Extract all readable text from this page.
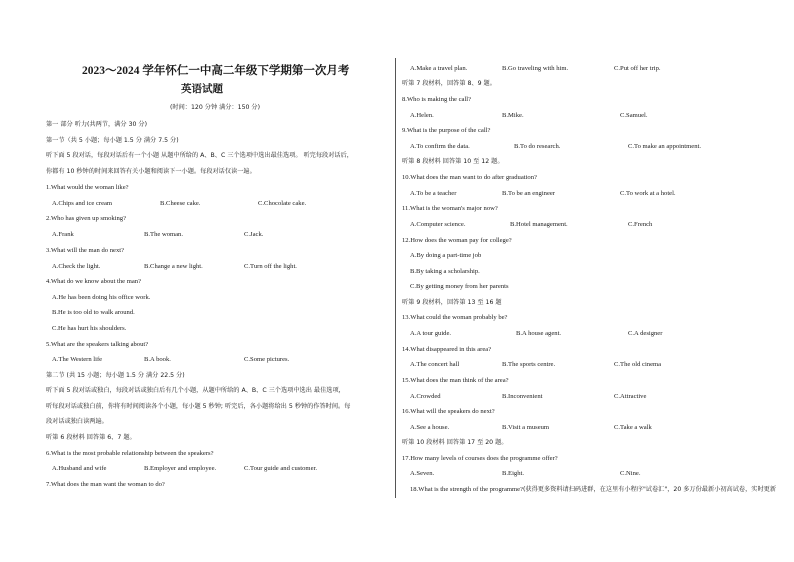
2023～2024 学年怀仁一中高二年级下学期第一次月考
英语试题
(时间：120 分钟 满分：150 分)
第一 部分 听力(共两节，满分 30 分)
第一节（共 5 小题；每小题 1.5 分 满分 7.5 分)
听下面 5 段对话，每段对话后有一个小题 从题中所给的 A、B、C 三个选项中选出最佳选项。 听完每段对话后，
你都有 10 秒钟的时间来回答有关小题和阅读下一小题。每段对话仅读一遍。
1.What would the woman like?
A.Chips and ice cream	B.Cheese cake.	C.Chocolate cake.
2.Who has given up smoking?
A.Frank	B.The woman.	C.Jack.
3.What will the man do next?
A.Check the light.	B.Change a new light.	C.Turn off the light.
4.What do we know about the man?
A.He has been doing his office work.
B.He is too old to walk around.
C.He has hurt his shoulders.
5.What are the speakers talking about?
A.The Western life	B.A book.	C.Some pictures.
第二节 (共 15 小题；每小题 1.5 分 满分 22.5 分)
听下面 5 段对话或独白，每段对话或独白后有几个小题，从题中所给的 A、B、C 三个选项中选出 最佳选项，
听每段对话或独白前，你将有时间阅读各个小题，每小题 5 秒钟; 听完后，各小题将给出 5 秒钟的作答时间。每
段对话或独白读两遍。
听第 6 段材料 回答第 6、7 题。
6.What is the most probable relationship between the speakers?
A.Husband and wife	B.Employer and employee.	C.Tour guide and customer.
7.What does the man want the woman to do?
A.Make a travel plan.	B.Go traveling with him.	C.Put off her trip.
听第 7 段材料，回答第 8、9 题。
8.Who is making the call?
A.Helen.	B.Mike.	C.Samuel.
9.What is the purpose of the call?
A.To confirm the data.	B.To do research.	C.To make an appointment.
听第 8 段材料 回答第 10 至 12 题。
10.What does the man want to do after graduation?
A.To be a teacher	B.To be an engineer	C.To work at a hotel.
11.What is the woman's major now?
A.Computer science.	B.Hotel management.	C.French
12.How does the woman pay for college?
A.By doing a part-time job
B.By taking a scholarship.
C.By getting money from her parents
听第 9 段材料，回答第 13 至 16 题
13.What could the woman probably be?
A.A tour guide.	B.A house agent.	C.A designer
14.What disappeared in this area?
A.The concert hall	B.The sports centre.	C.The old cinema
15.What does the man think of the area?
A.Crowded	B.Inconvenient	C.Attractive
16.What will the speakers do next?
A.See a house.	B.Visit a museum	C.Take a walk
听第 10 段材料 回答第 17 至 20 题。
17.How many levels of courses does the programme offer?
A.Seven.	B.Eight.	C.Nine.
18.What is the strength of the programme?(获得更多资料请扫码进群，在这里有小程序"试卷汇"，20 多万份最新小初高试卷，实时更新
